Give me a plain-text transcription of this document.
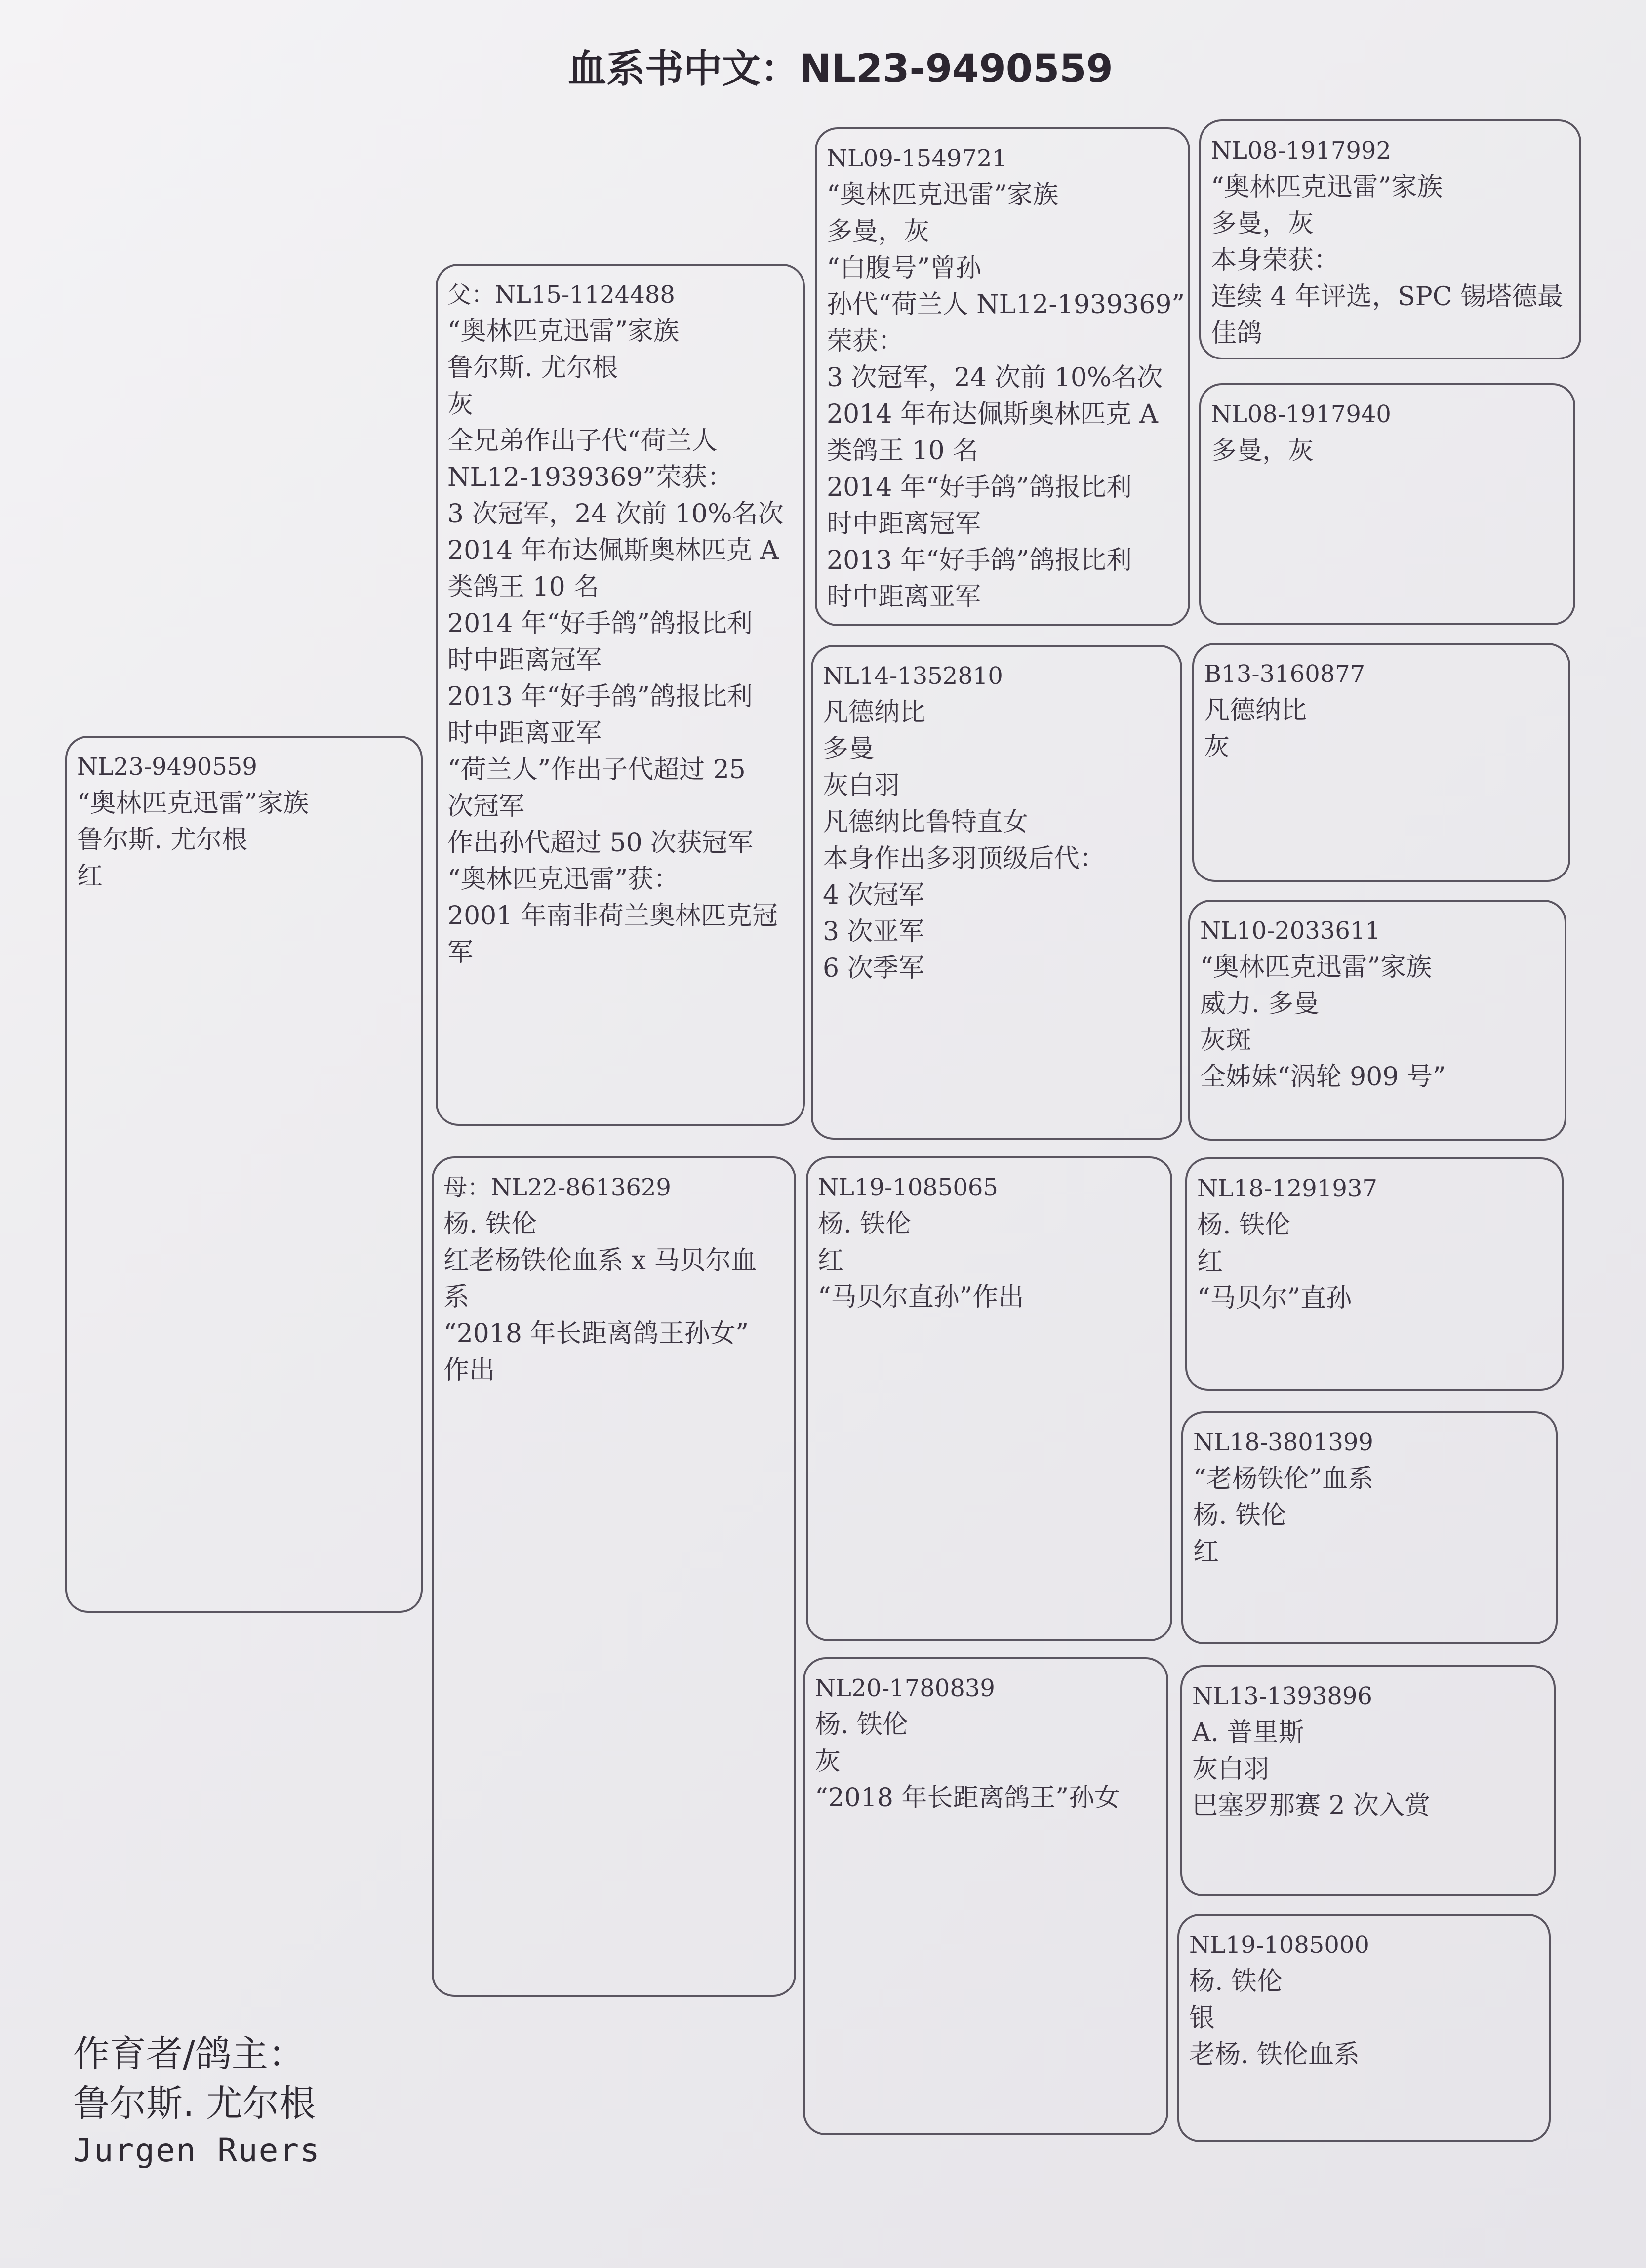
血系书中文：NL23-9490559
NL23-9490559
“奥林匹克迅雷”家族
鲁尔斯. 尤尔根
红
父：NL15-1124488
“奥林匹克迅雷”家族
鲁尔斯. 尤尔根
灰
全兄弟作出子代“荷兰人
NL12-1939369”荣获：
3 次冠军，24 次前 10%名次
2014 年布达佩斯奥林匹克 A
类鸽王 10 名
2014 年“好手鸽”鸽报比利
时中距离冠军
2013 年“好手鸽”鸽报比利
时中距离亚军
“荷兰人”作出子代超过 25
次冠军
作出孙代超过 50 次获冠军
“奥林匹克迅雷”获：
2001 年南非荷兰奥林匹克冠
军
母：NL22-8613629
杨. 铁伦
红老杨铁伦血系 x 马贝尔血
系
“2018 年长距离鸽王孙女”
作出
NL09-1549721
“奥林匹克迅雷”家族
多曼，灰
“白腹号”曾孙
孙代“荷兰人 NL12-1939369”
荣获：
3 次冠军，24 次前 10%名次
2014 年布达佩斯奥林匹克 A
类鸽王 10 名
2014 年“好手鸽”鸽报比利
时中距离冠军
2013 年“好手鸽”鸽报比利
时中距离亚军
NL14-1352810
凡德纳比
多曼
灰白羽
凡德纳比鲁特直女
本身作出多羽顶级后代：
4 次冠军
3 次亚军
6 次季军
NL19-1085065
杨. 铁伦
红
“马贝尔直孙”作出
NL20-1780839
杨. 铁伦
灰
“2018 年长距离鸽王”孙女
NL08-1917992
“奥林匹克迅雷”家族
多曼，灰
本身荣获：
连续 4 年评选，SPC 锡塔德最
佳鸽
NL08-1917940
多曼，灰
B13-3160877
凡德纳比
灰
NL10-2033611
“奥林匹克迅雷”家族
威力. 多曼
灰斑
全姊妹“涡轮 909 号”
NL18-1291937
杨. 铁伦
红
“马贝尔”直孙
NL18-3801399
“老杨铁伦”血系
杨. 铁伦
红
NL13-1393896
A. 普里斯
灰白羽
巴塞罗那赛 2 次入赏
NL19-1085000
杨. 铁伦
银
老杨. 铁伦血系
作育者/鸽主：
鲁尔斯. 尤尔根
Jurgen Ruers
